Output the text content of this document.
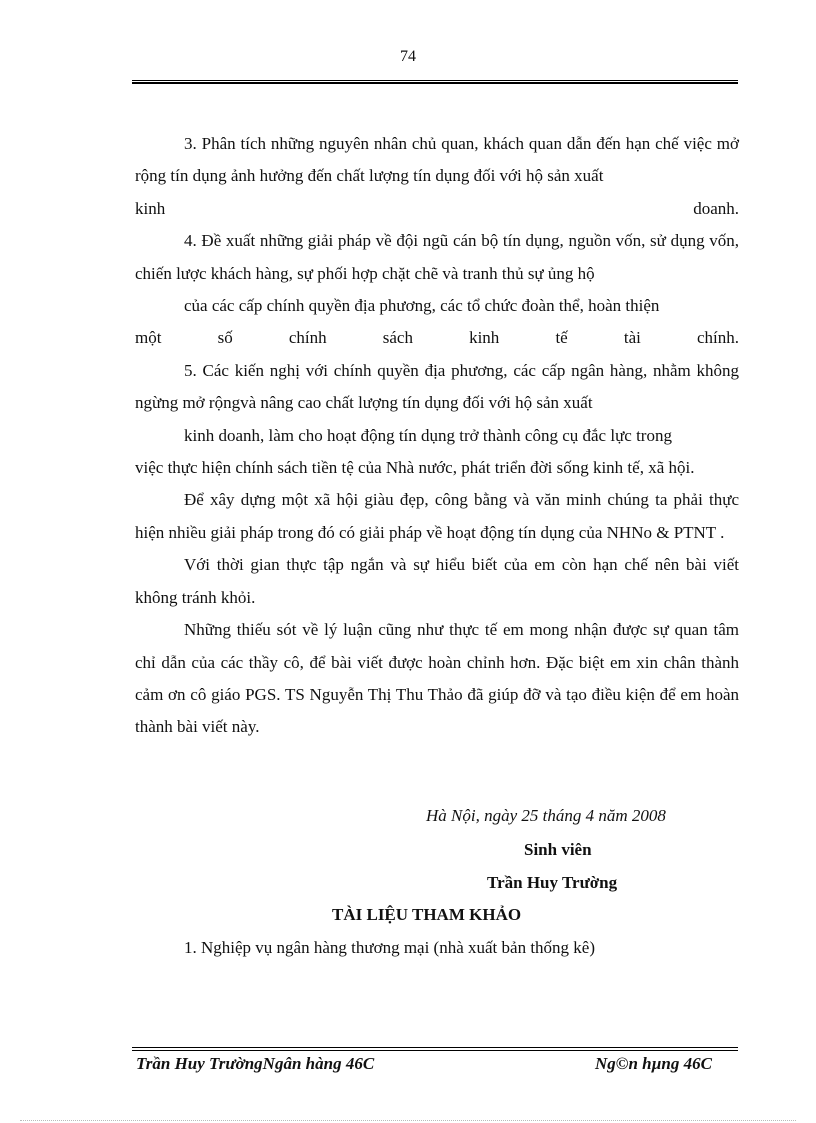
74

3. Phân tích những nguyên nhân chủ quan, khách quan dẫn đến hạn chế việc mở rộng tín dụng ảnh hưởng đến chất lượng tín dụng đối với hộ sản xuất

kinh	doanh.

4. Đề xuất những giải pháp về đội ngũ cán bộ tín dụng, nguồn vốn, sử dụng vốn, chiến lược khách hàng, sự phối hợp chặt chẽ và tranh thủ sự ủng hộ

của các cấp chính quyền địa phương, các tổ chức đoàn thể, hoàn thiện

một	số	chính	sách	kinh	tế	tài	chính.

5. Các kiến nghị với chính quyền địa phương, các cấp ngân hàng, nhằm không ngừng mở rộngvà nâng cao chất lượng tín dụng đối với hộ sản xuất

kinh doanh, làm cho hoạt động tín dụng trở thành công cụ đắc lực trong

việc thực hiện chính sách tiền tệ của Nhà nước, phát triển đời sống kinh tế, xã hội.

Để xây dựng một xã hội giàu đẹp, công bằng và văn minh chúng ta phải thực hiện nhiều giải pháp trong đó có giải pháp về hoạt động tín dụng của NHNo & PTNT .

Với thời gian thực tập ngắn và sự hiểu biết của em còn hạn chế nên bài viết không tránh khỏi.

Những thiếu sót về lý luận cũng như thực tế em mong nhận được sự quan tâm chỉ dẫn của các thầy cô, để bài viết được hoàn chỉnh hơn. Đặc biệt em xin chân thành cảm ơn cô giáo PGS. TS Nguyễn Thị Thu Thảo đã giúp đỡ và tạo điều kiện để em hoàn thành bài viết này.

Hà Nội, ngày 25 tháng 4 năm 2008
Sinh viên
Trần Huy Trường
TÀI LIỆU THAM KHẢO
1. Nghiệp vụ ngân hàng thương mại (nhà xuất bản thống kê)
Trần Huy TrườngNgân hàng 46C	Ng©n hµng 46C
